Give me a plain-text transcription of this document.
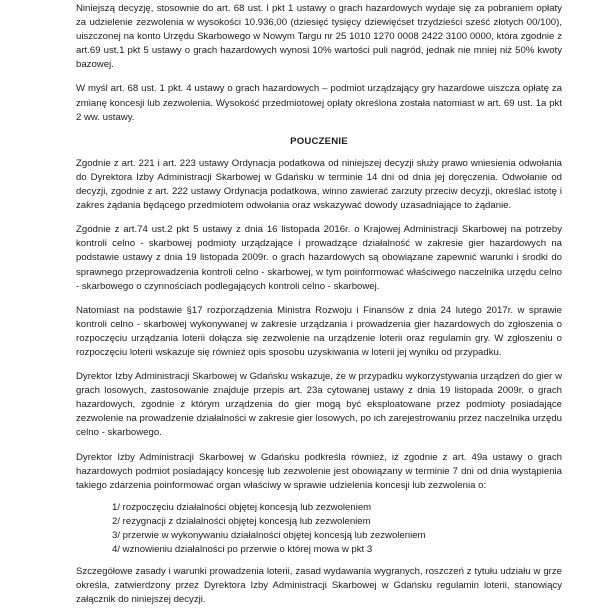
Niniejszą decyzję, stosownie do art. 68 ust. l pkt 1 ustawy o grach hazardowych wydaje się za pobraniem opłaty za udzielenie zezwolenia w wysokości 10.936,00 (dziesięć tysięcy dziewięćset trzydzieści sześć złotych 00/100), uiszczonej na konto Urzędu Skarbowego w Nowym Targu nr 25 1010 1270 0008 2422 3100 0000, która zgodnie z art.69 ust.1 pkt 5 ustawy o grach hazardowych wynosi 10% wartości puli nagród, jednak nie mniej niż 50% kwoty bazowej.

W myśl art. 68 ust. 1 pkt. 4 ustawy o grach hazardowych – podmiot urządzający gry hazardowe uiszcza opłatę za zmianę koncesji lub zezwolenia. Wysokość przedmiotowej opłaty określona została natomiast w art. 69 ust. 1a pkt 2 ww. ustawy.

POUCZENIE

Zgodnie z art. 221 i art. 223 ustawy Ordynacja podatkowa od niniejszej decyzji służy prawo wniesienia odwołania do Dyrektora Izby Administracji Skarbowej w Gdańsku w terminie 14 dni od dnia jej doręczenia. Odwołanie od decyzji, zgodnie z art. 222 ustawy Ordynacja podatkowa, winno zawierać zarzuty przeciw decyzji, określać istotę i zakres żądania będącego przedmiotem odwołania oraz wskazywać dowody uzasadniające to żądanie.

Zgodnie z art.74 ust.2 pkt 5 ustawy z dnia 16 listopada 2016r. o Krajowej Administracji Skarbowej na potrzeby kontroli celno - skarbowej podmioty urządzające i prowadzące działalność w zakresie gier hazardowych na podstawie ustawy z dnia 19 listopada 2009r. o grach hazardowych są obowiązane zapewnić warunki i środki do sprawnego przeprowadzenia kontroli celno - skarbowej, w tym poinformować właściwego naczelnika urzędu celno - skarbowego o czynnościach podlegających kontroli celno - skarbowej.

Natomiast na podstawie §17 rozporządzenia Ministra Rozwoju i Finansów z dnia 24 lutego 2017r. w sprawie kontroli celno - skarbowej wykonywanej w zakresie urządzania i prowadzenia gier hazardowych do zgłoszenia o rozpoczęciu urządzania loterii dołącza się zezwolenie na urządzenie loterii oraz regulamin gry. W zgłoszeniu o rozpoczęciu loterii wskazuje się również opis sposobu uzyskiwania w loterii jej wyniku od przypadku.

Dyrektor Izby Administracji Skarbowej w Gdańsku wskazuje, że w przypadku wykorzystywania urządzeń do gier w grach losowych, zastosowanie znajduje przepis art. 23a cytowanej ustawy z dnia 19 listopada 2009r. o grach hazardowych, zgodnie z którym urządzenia do gier mogą być eksploatowane przez podmioty posiadające zezwolenie na prowadzenie działalności w zakresie gier losowych, po ich zarejestrowaniu przez naczelnika urzędu celno - skarbowego.

Dyrektor Izby Administracji Skarbowej w Gdańsku podkreśla również, iż zgodnie z art. 49a ustawy o grach hazardowych podmiot posiadający koncesję lub zezwolenie jest obowiązany w terminie 7 dni od dnia wystąpienia takiego zdarzenia poinformować organ właściwy w sprawie udzielenia koncesji lub zezwolenia o:

1/ rozpoczęciu działalności objętej koncesją lub zezwoleniem
2/ rezygnacji z działalności objętej koncesją lub zezwoleniem
3/ przerwie w wykonywaniu działalności objętej koncesją lub zezwoleniem
4/ wznowieniu działalności po przerwie o której mowa w pkt 3

Szczegółowe zasady i warunki prowadzenia loterii, zasad wydawania wygranych, roszczeń z tytułu udziału w grze określa, zatwierdzony przez Dyrektora Izby Administracji Skarbowej w Gdańsku regulamin loterii, stanowiący załącznik do niniejszej decyzji.
